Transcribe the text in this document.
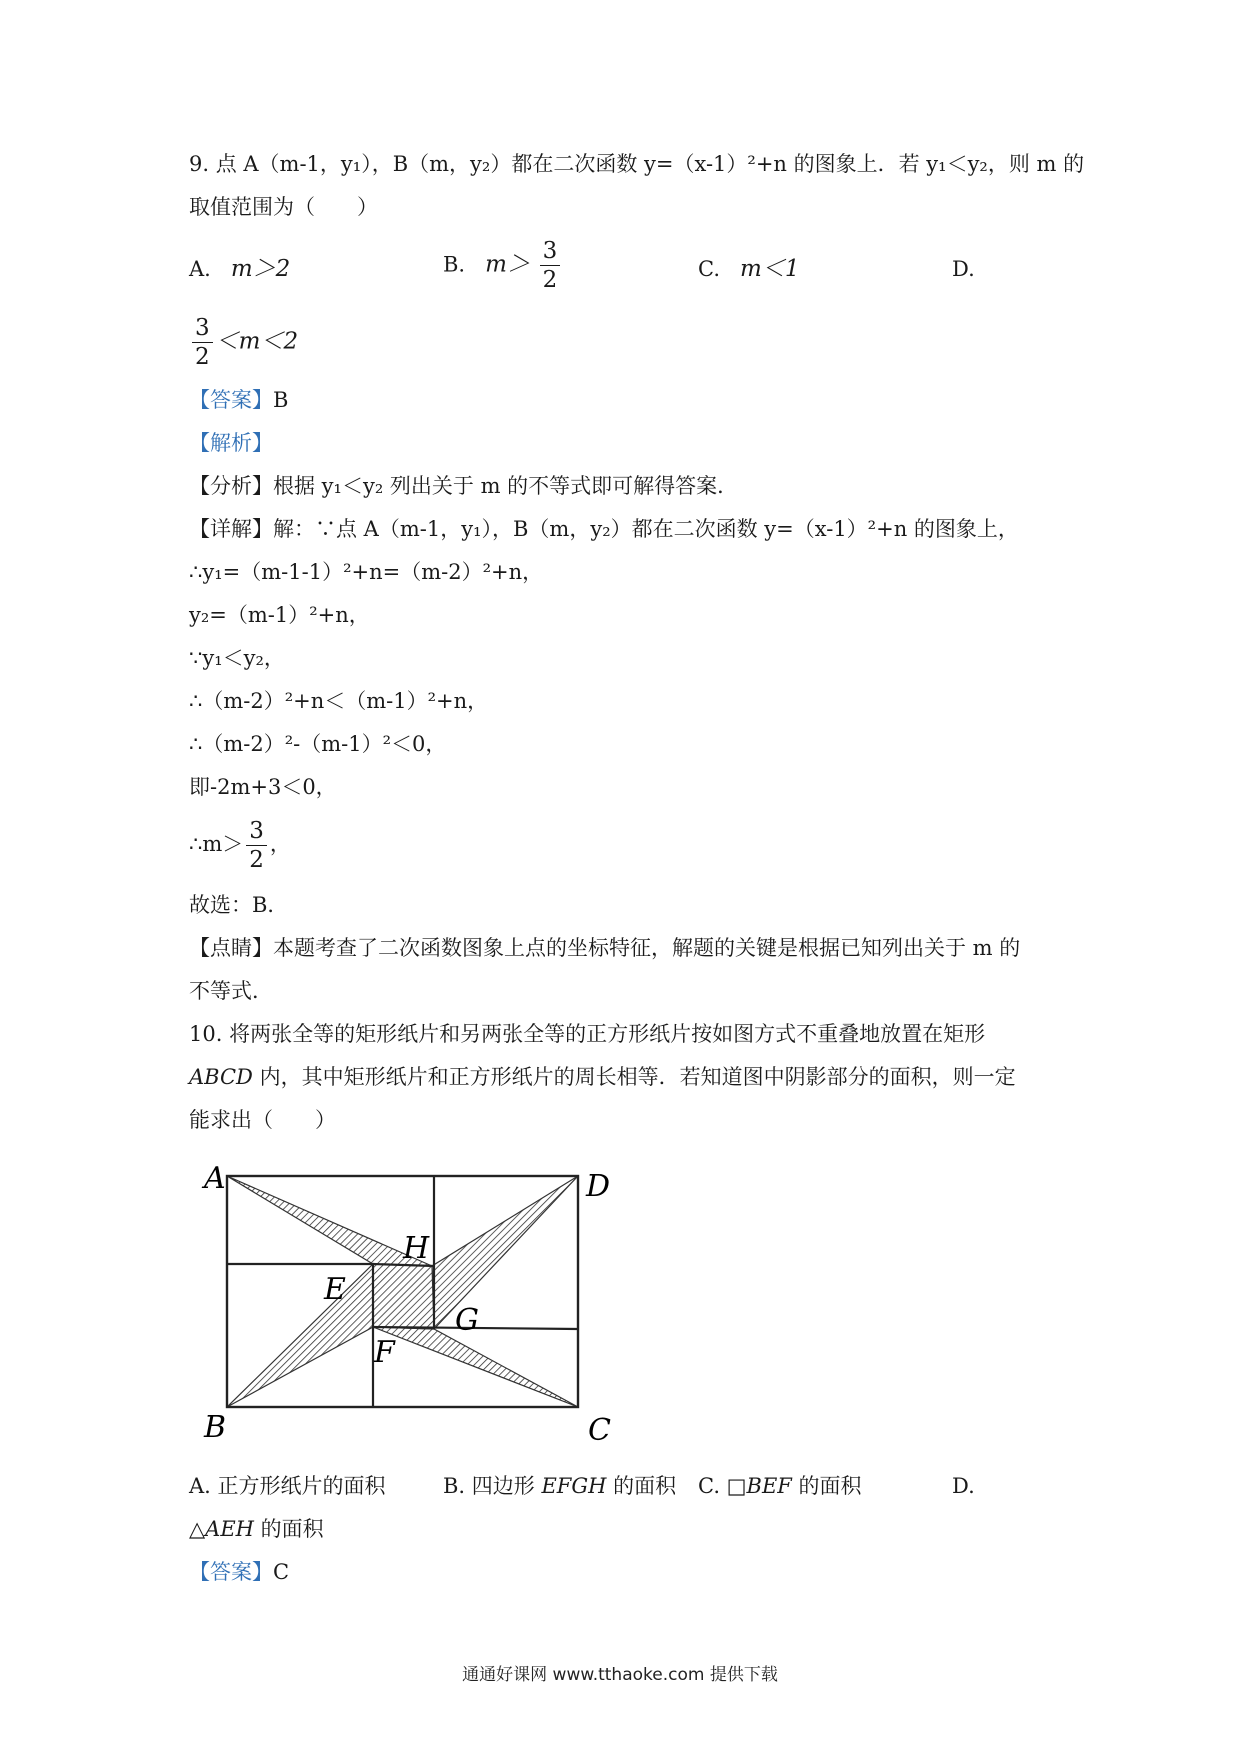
9. 点 A（m-1，y₁），B（m，y₂）都在二次函数 y=（x-1）²+n 的图象上．若 y₁＜y₂，则 m 的
取值范围为（　　）
A. m＞2	B. $m> \frac{3}{2}$	C. m＜1	D.
$\frac{3}{2} <m<2$
【答案】B
【解析】
【分析】根据 y₁＜y₂ 列出关于 m 的不等式即可解得答案．
【详解】解：∵点 A（m-1，y₁），B（m，y₂）都在二次函数 y=（x-1）²+n 的图象上，
∴y₁=（m-1-1）²+n=（m-2）²+n，
y₂=（m-1）²+n，
∵y₁＜y₂，
∴（m-2）²+n＜（m-1）²+n，
∴（m-2）²-（m-1）²＜0，
即-2m+3＜0，
∴m＞ $\frac{3}{2}$ ，
故选：B．
【点睛】本题考查了二次函数图象上点的坐标特征，解题的关键是根据已知列出关于 m 的
不等式．
10. 将两张全等的矩形纸片和另两张全等的正方形纸片按如图方式不重叠地放置在矩形
ABCD 内，其中矩形纸片和正方形纸片的周长相等．若知道图中阴影部分的面积，则一定
能求出（　　）
A	D
B	C
H
E
G
F
A. 正方形纸片的面积	B. 四边形 EFGH 的面积 C. □BEF 的面积	D.
△AEH 的面积
【答案】C
通通好课网 www.tthaoke.com 提供下载
